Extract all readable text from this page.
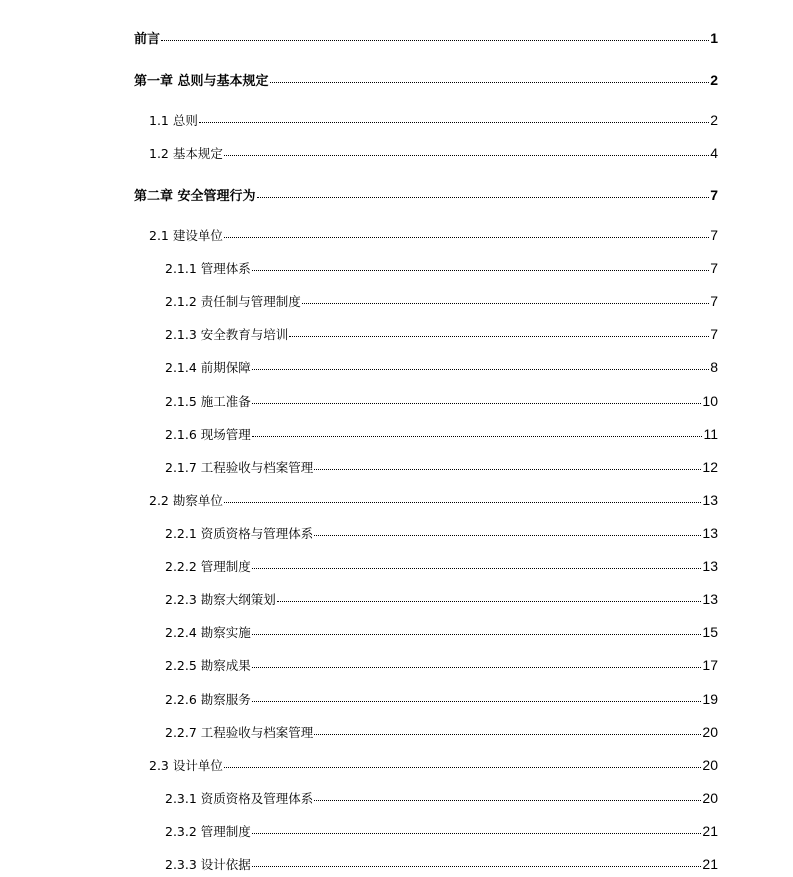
前言	1
第一章 总则与基本规定	2
1.1 总则	2
1.2 基本规定	4
第二章 安全管理行为	7
2.1 建设单位	7
2.1.1 管理体系	7
2.1.2 责任制与管理制度	7
2.1.3 安全教育与培训	7
2.1.4 前期保障	8
2.1.5 施工准备	10
2.1.6 现场管理	11
2.1.7 工程验收与档案管理	12
2.2 勘察单位	13
2.2.1 资质资格与管理体系	13
2.2.2 管理制度	13
2.2.3 勘察大纲策划	13
2.2.4 勘察实施	15
2.2.5 勘察成果	17
2.2.6 勘察服务	19
2.2.7 工程验收与档案管理	20
2.3 设计单位	20
2.3.1 资质资格及管理体系	20
2.3.2 管理制度	21
2.3.3 设计依据	21
